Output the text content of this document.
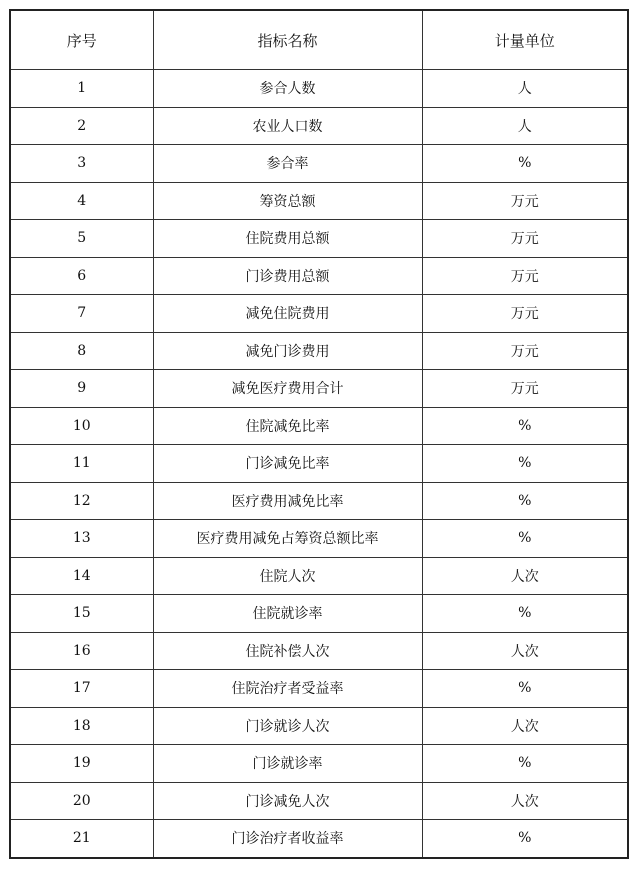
序号	指标名称	计量单位
1	参合人数	人
2	农业人口数	人
3	参合率	%
4	筹资总额	万元
5	住院费用总额	万元
6	门诊费用总额	万元
7	减免住院费用	万元
8	减免门诊费用	万元
9	减免医疗费用合计	万元
10	住院减免比率	%
11	门诊减免比率	%
12	医疗费用减免比率	%
13	医疗费用减免占筹资总额比率	%
14	住院人次	人次
15	住院就诊率	%
16	住院补偿人次	人次
17	住院治疗者受益率	%
18	门诊就诊人次	人次
19	门诊就诊率	%
20	门诊减免人次	人次
21	门诊治疗者收益率	%
